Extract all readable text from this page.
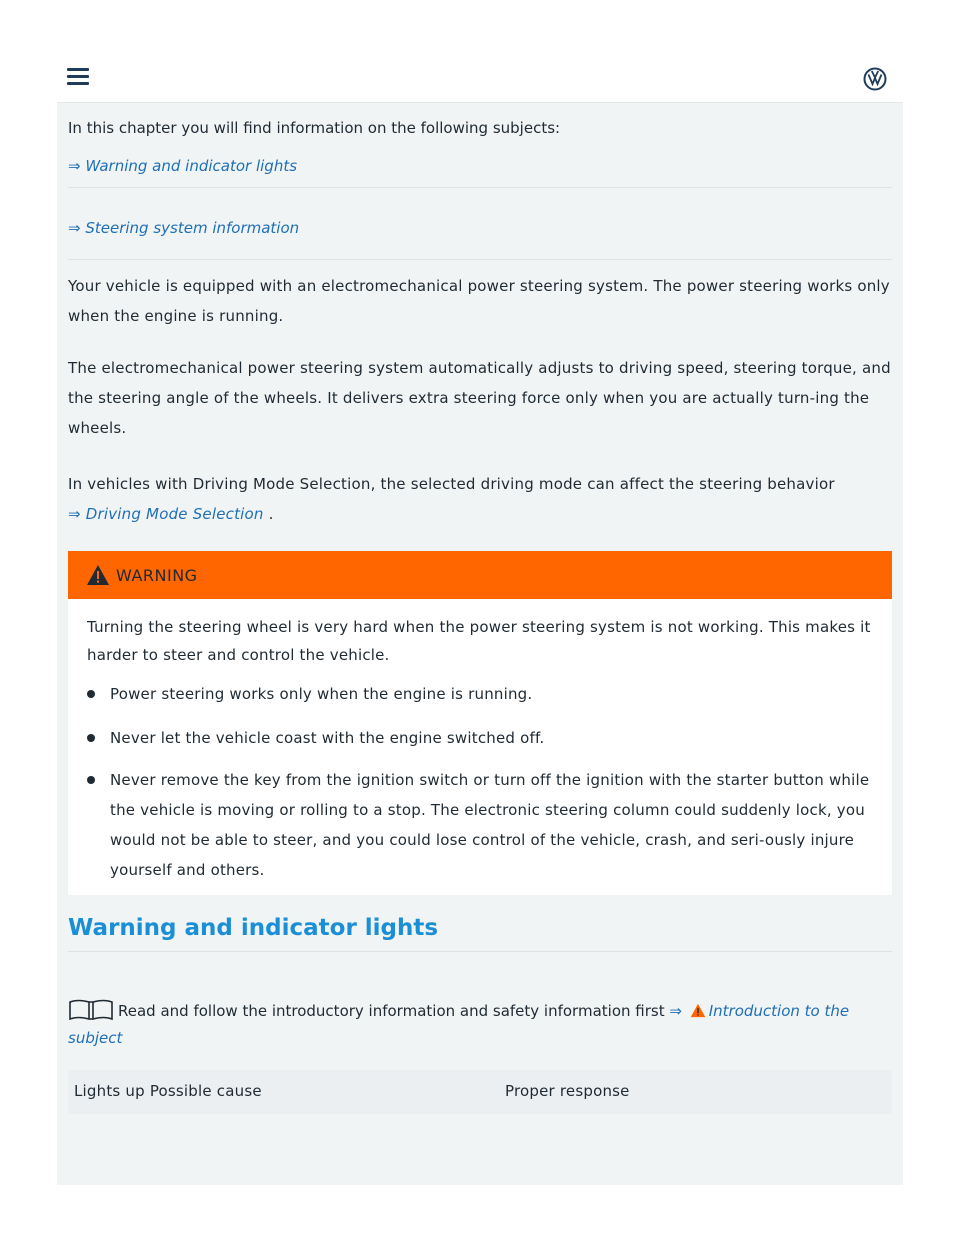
In this chapter you will find information on the following subjects:
⇒ Warning and indicator lights
⇒ Steering system information
Your vehicle is equipped with an electromechanical power steering system. The power steering works only when the engine is running.
The electromechanical power steering system automatically adjusts to driving speed, steering torque, and the steering angle of the wheels. It delivers extra steering force only when you are actually turn-ing the wheels.
In vehicles with Driving Mode Selection, the selected driving mode can affect the steering behavior
⇒ Driving Mode Selection .
WARNING
Turning the steering wheel is very hard when the power steering system is not working. This makes it harder to steer and control the vehicle.
Power steering works only when the engine is running.
Never let the vehicle coast with the engine switched off.
Never remove the key from the ignition switch or turn off the ignition with the starter button while the vehicle is moving or rolling to a stop. The electronic steering column could suddenly lock, you would not be able to steer, and you could lose control of the vehicle, crash, and seri-ously injure yourself and others.
Warning and indicator lights
Read and follow the introductory information and safety information first ⇒ Introduction to the subject
Lights up Possible cause	Proper response
